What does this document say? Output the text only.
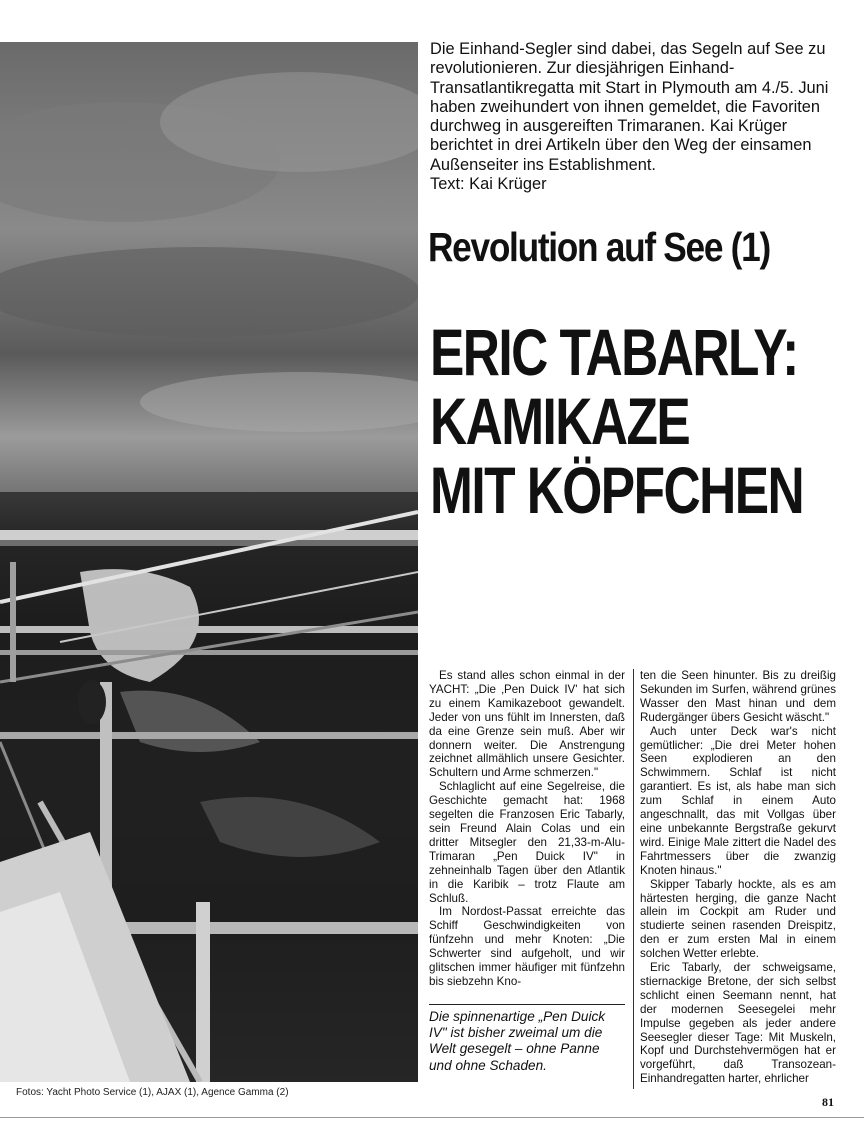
Die Einhand-Segler sind dabei, das Segeln auf See zu revolutionieren. Zur diesjährigen Einhand-Transatlantikregatta mit Start in Plymouth am 4./5. Juni haben zweihundert von ihnen gemeldet, die Favoriten durchweg in ausgereiften Trimaranen. Kai Krüger berichtet in drei Artikeln über den Weg der einsamen Außenseiter ins Establishment.

Text: Kai Krüger

Revolution auf See (1)
ERIC TABARLY:
KAMIKAZE
MIT KÖPFCHEN

Es stand alles schon einmal in der YACHT: „Die ‚Pen Duick IV' hat sich zu einem Kamikazeboot gewandelt. Jeder von uns fühlt im Innersten, daß da eine Grenze sein muß. Aber wir donnern weiter. Die Anstrengung zeichnet allmählich unsere Gesichter. Schultern und Arme schmerzen."

Schlaglicht auf eine Segelreise, die Geschichte gemacht hat: 1968 segelten die Franzosen Eric Tabarly, sein Freund Alain Colas und ein dritter Mitsegler den 21,33-m-Alu-Trimaran „Pen Duick IV" in zehneinhalb Tagen über den Atlantik in die Karibik – trotz Flaute am Schluß.

Im Nordost-Passat erreichte das Schiff Geschwindigkeiten von fünfzehn und mehr Knoten: „Die Schwerter sind aufgeholt, und wir glitschen immer häufiger mit fünfzehn bis siebzehn Kno-

Die spinnenartige „Pen Duick IV" ist bisher zweimal um die Welt gesegelt – ohne Panne und ohne Schaden.

ten die Seen hinunter. Bis zu dreißig Sekunden im Surfen, während grünes Wasser den Mast hinan und dem Rudergänger übers Gesicht wäscht."

Auch unter Deck war's nicht gemütlicher: „Die drei Meter hohen Seen explodieren an den Schwimmern. Schlaf ist nicht garantiert. Es ist, als habe man sich zum Schlaf in einem Auto angeschnallt, das mit Vollgas über eine unbekannte Bergstraße gekurvt wird. Einige Male zittert die Nadel des Fahrtmessers über die zwanzig Knoten hinaus."

Skipper Tabarly hockte, als es am härtesten herging, die ganze Nacht allein im Cockpit am Ruder und studierte seinen rasenden Dreispitz, den er zum ersten Mal in einem solchen Wetter erlebte.

Eric Tabarly, der schweigsame, stiernackige Bretone, der sich selbst schlicht einen Seemann nennt, hat der modernen Seesegelei mehr Impulse gegeben als jeder andere Seesegler dieser Tage: Mit Muskeln, Kopf und Durchstehvermögen hat er vorgeführt, daß Transozean-Einhandregatten harter, ehrlicher

Fotos: Yacht Photo Service (1), AJAX (1), Agence Gamma (2)
81
